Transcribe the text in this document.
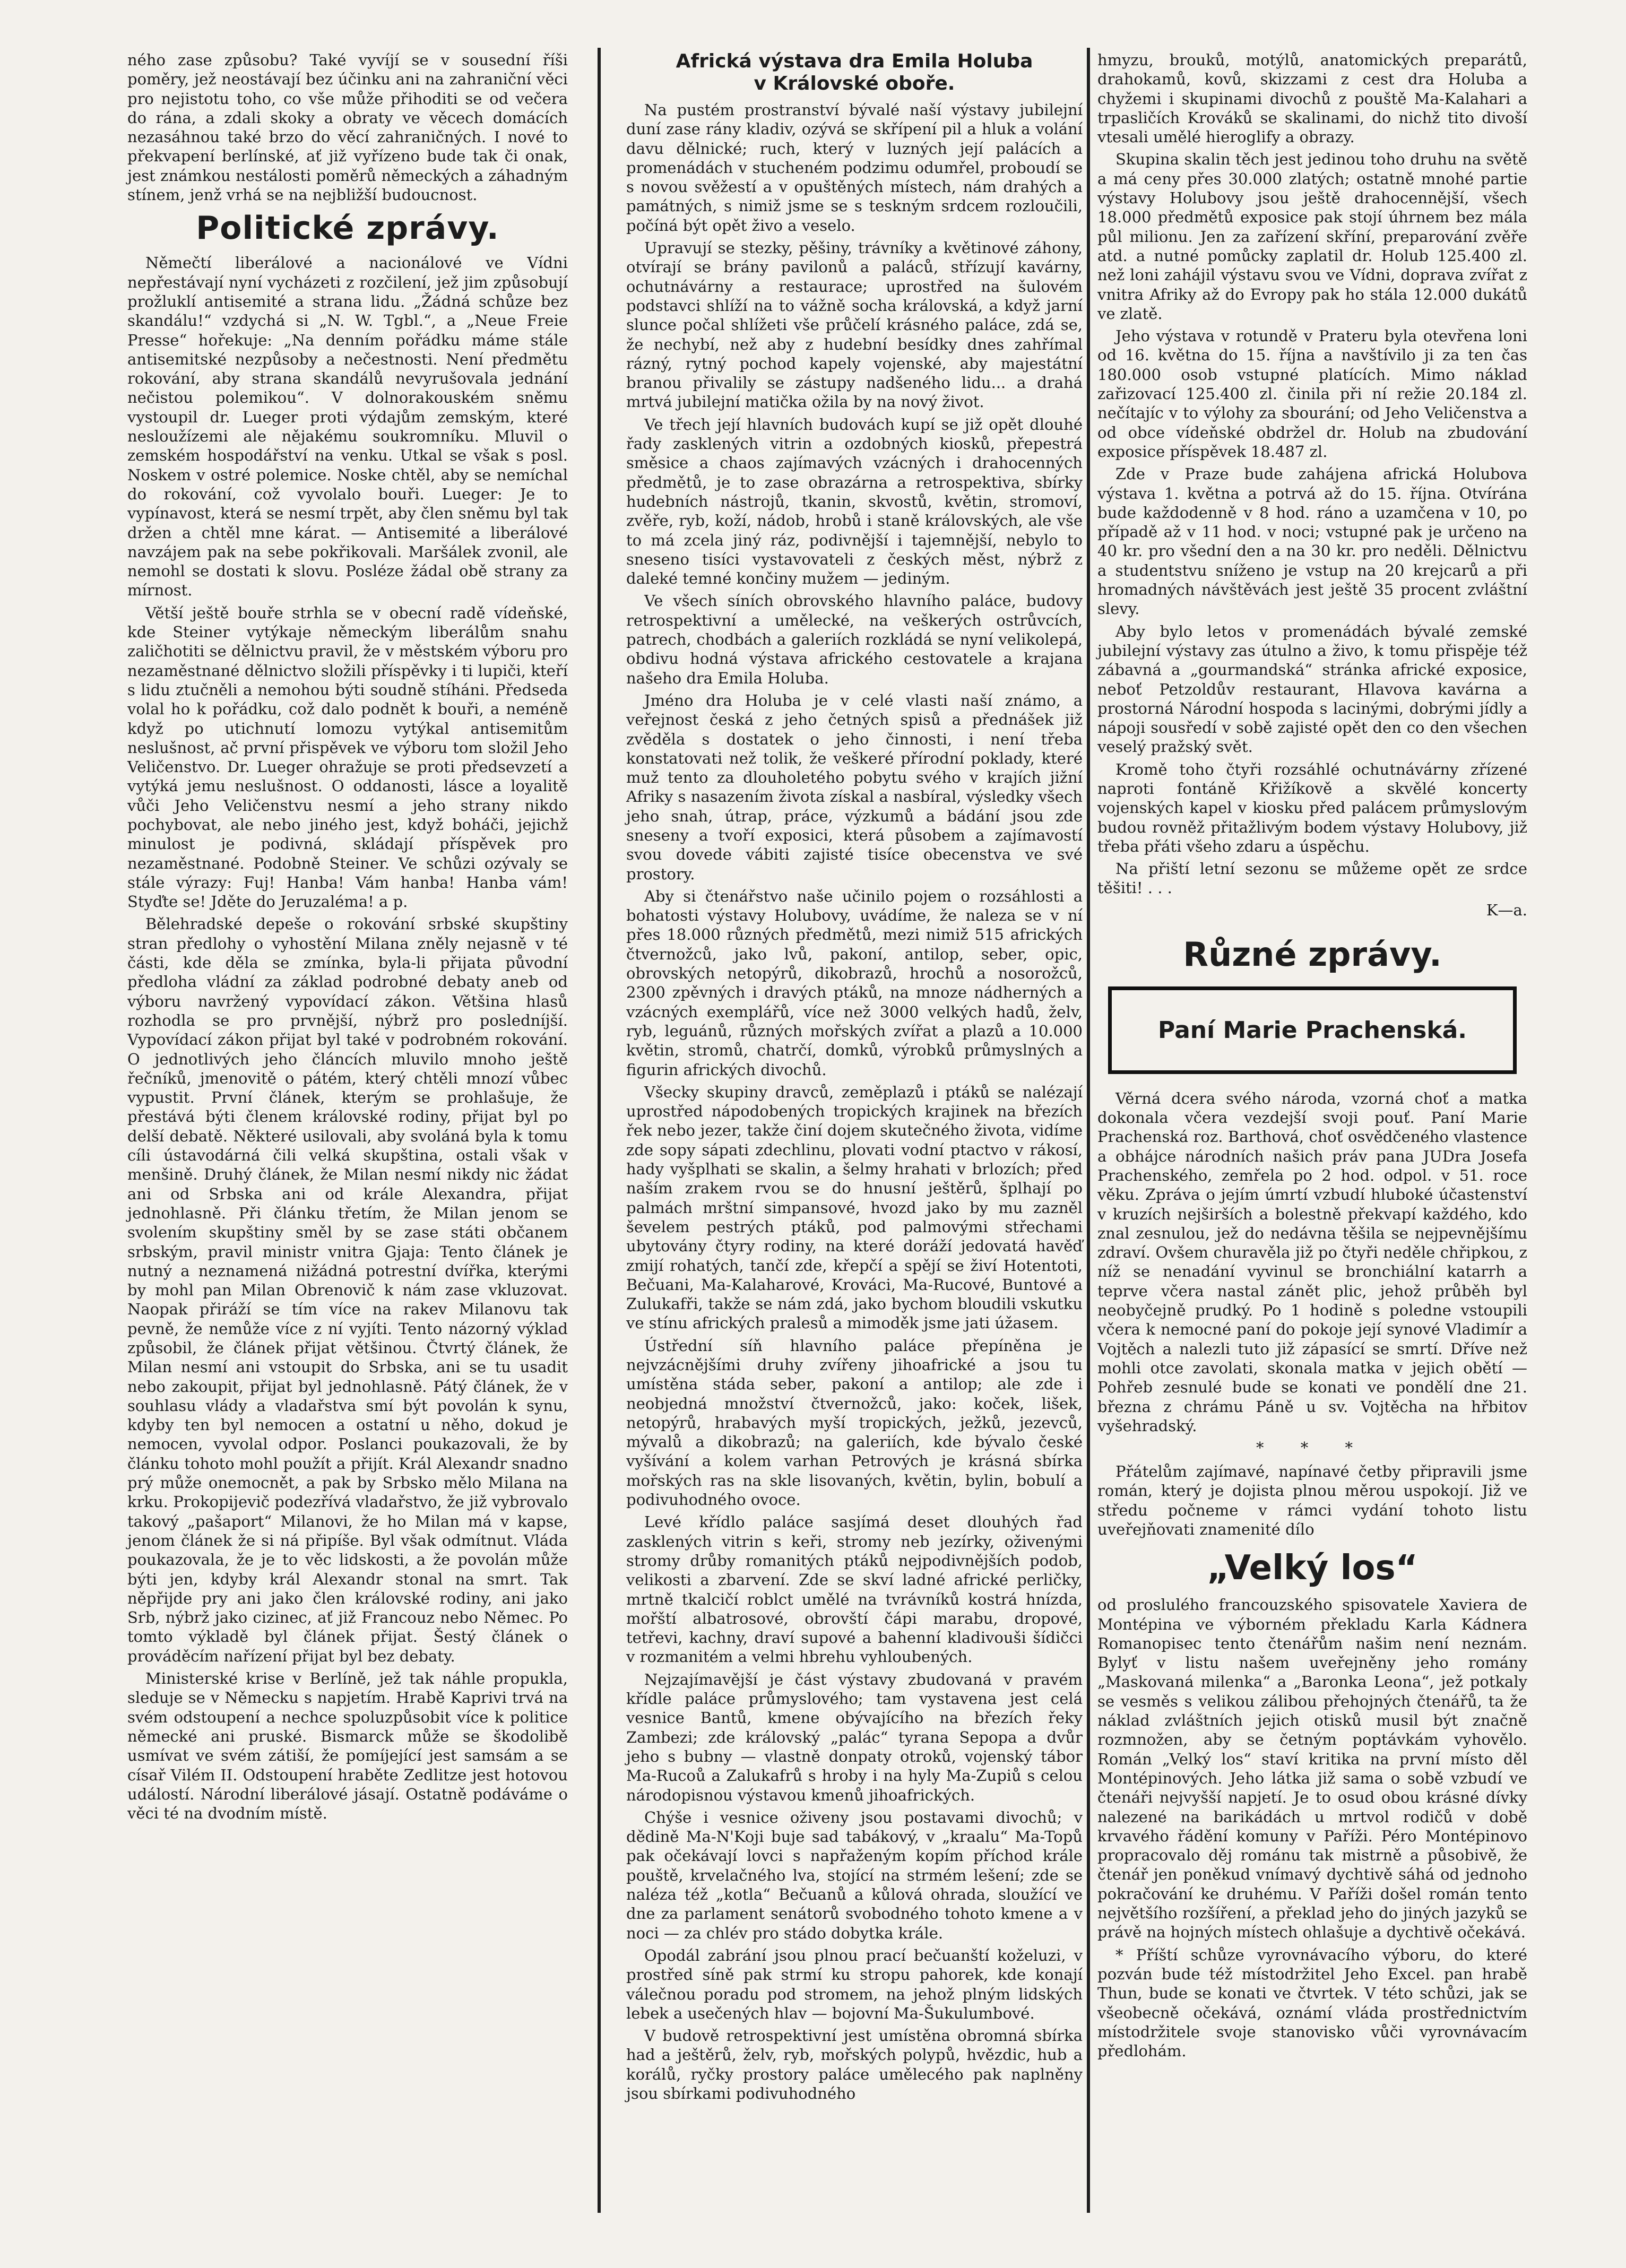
ného zase způsobu? Také vyvíjí se v sousední říši poměry, jež neostávají bez účinku ani na zahraniční věci pro nejistotu toho, co vše může přihoditi se od večera do rána, a zdali skoky a obraty ve věcech domácích nezasáhnou také brzo do věcí zahraničných. I nové to překvapení berlínské, ať již vyřízeno bude tak či onak, jest známkou nestálosti poměrů německých a záhadným stínem, jenž vrhá se na nejbližší budoucnost.

Politické zprávy.

Němečtí liberálové a nacionálové ve Vídni nepřestávají nyní vycházeti z rozčilení, jež jim způsobují prožluklí antisemité a strana lidu. „Žádná schůze bez skandálu!“ vzdychá si „N. W. Tgbl.“, a „Neue Freie Presse“ hořekuje: „Na denním pořádku máme stále antisemitské nezpůsoby a nečestnosti. Není předmětu rokování, aby strana skandálů nevyrušovala jednání nečistou polemikou“. V dolnorakouském sněmu vystoupil dr. Lueger proti výdajům zemským, které nesloužízemi ale nějakému soukromníku. Mluvil o zemském hospodářství na venku. Utkal se však s posl. Noskem v ostré polemice. Noske chtěl, aby se nemíchal do rokování, což vyvolalo bouři. Lueger: Je to vypínavost, která se nesmí trpět, aby člen sněmu byl tak držen a chtěl mne kárat. — Antisemité a liberálové navzájem pak na sebe pokřikovali. Maršálek zvonil, ale nemohl se dostati k slovu. Posléze žádal obě strany za mírnost.

Větší ještě bouře strhla se v obecní radě vídeňské, kde Steiner vytýkaje německým liberálům snahu zaličhotiti se dělnictvu pravil, že v městském výboru pro nezaměstnané dělnictvo složili příspěvky i ti lupiči, kteří s lidu ztučněli a nemohou býti soudně stíháni. Předseda volal ho k pořádku, což dalo podnět k bouři, a neméně když po utichnutí lomozu vytýkal antisemitům neslušnost, ač první přispěvek ve výboru tom složil Jeho Veličenstvo. Dr. Lueger ohražuje se proti předsevzetí a vytýká jemu neslušnost. O oddanosti, lásce a loyalitě vůči Jeho Veličenstvu nesmí a jeho strany nikdo pochybovat, ale nebo jiného jest, když boháči, jejichž minulost je podivná, skládají příspěvek pro nezaměstnané. Podobně Steiner. Ve schůzi ozývaly se stále výrazy: Fuj! Hanba! Vám hanba! Hanba vám! Styďte se! Jděte do Jeruzaléma! a p.

Bělehradské depeše o rokování srbské skupštiny stran předlohy o vyhostění Milana zněly nejasně v té části, kde děla se zmínka, byla-li přijata původní předloha vládní za základ podrobné debaty aneb od výboru navržený vypovídací zákon. Většina hlasů rozhodla se pro prvnější, nýbrž pro posledníjší. Vypovídací zákon přijat byl také v podrobném rokování. O jednotlivých jeho článcích mluvilo mnoho ještě řečníků, jmenovitě o pátém, který chtěli mnozí vůbec vypustit. První článek, kterým se prohlašuje, že přestává býti členem královské rodiny, přijat byl po delší debatě. Některé usilovali, aby svoláná byla k tomu cíli ústavodárná čili velká skupština, ostali však v menšině. Druhý článek, že Milan nesmí nikdy nic žádat ani od Srbska ani od krále Alexandra, přijat jednohlasně. Při článku třetím, že Milan jenom se svolením skupštiny směl by se zase státi občanem srbským, pravil ministr vnitra Gjaja: Tento článek je nutný a neznamená nižádná potrestní dvířka, kterými by mohl pan Milan Obrenovič k nám zase vkluzovat. Naopak přiráží se tím více na rakev Milanovu tak pevně, že nemůže více z ní vyjíti. Tento názorný výklad způsobil, že článek přijat většinou. Čtvrtý článek, že Milan nesmí ani vstoupit do Srbska, ani se tu usadit nebo zakoupit, přijat byl jednohlasně. Pátý článek, že v souhlasu vlády a vladařstva smí být povolán k synu, kdyby ten byl nemocen a ostatní u něho, dokud je nemocen, vyvolal odpor. Poslanci poukazovali, že by článku tohoto mohl použít a přijít. Král Alexandr snadno prý může onemocnět, a pak by Srbsko mělo Milana na krku. Prokopijevič podezřívá vladařstvo, že již vybrovalo takový „pašaport“ Milanovi, že ho Milan má v kapse, jenom článek že si ná připíše. Byl však odmítnut. Vláda poukazovala, že je to věc lidskosti, a že povolán může býti jen, kdyby král Alexandr stonal na smrt. Tak něpřijde pry ani jako člen královské rodiny, ani jako Srb, nýbrž jako cizinec, ať již Francouz nebo Němec. Po tomto výkladě byl článek přijat. Šestý článek o prováděcím nařízení přijat byl bez debaty.

Ministerské krise v Berlíně, jež tak náhle propukla, sleduje se v Německu s napjetím. Hrabě Kaprivi trvá na svém odstoupení a nechce spoluzpůsobit více k politice německé ani pruské. Bismarck může se škodolibě usmívat ve svém zátiší, že pomíjející jest samsám a se císař Vilém II. Odstoupení hraběte Zedlitze jest hotovou událostí. Národní liberálové jásají. Ostatně podáváme o věci té na dvodním místě.

Africká výstava dra Emila Holuba
v Královské oboře.

Na pustém prostranství bývalé naší výstavy jubilejní duní zase rány kladiv, ozývá se skřípení pil a hluk a volání davu dělnické; ruch, který v luzných její palácích a promenádách v stucheném podzimu odumřel, proboudí se s novou svěžestí a v opuštěných místech, nám drahých a památných, s nimiž jsme se s teskným srdcem rozloučili, počíná být opět živo a veselo.

Upravují se stezky, pěšiny, trávníky a květinové záhony, otvírají se brány pavilonů a paláců, střízují kavárny, ochutnávárny a restaurace; uprostřed na šulovém podstavci shlíží na to vážně socha královská, a když jarní slunce počal shlížeti vše průčelí krásného paláce, zdá se, že nechybí, než aby z hudební besídky dnes zahřímal rázný, rytný pochod kapely vojenské, aby majestátní branou přivalily se zástupy nadšeného lidu... a drahá mrtvá jubilejní matička ožila by na nový život.

Ve třech její hlavních budovách kupí se již opět dlouhé řady zasklených vitrin a ozdobných kiosků, přepestrá směsice a chaos zajímavých vzácných i drahocenných předmětů, je to zase obrazárna a retrospektiva, sbírky hudebních nástrojů, tkanin, skvostů, květin, stromoví, zvěře, ryb, koží, nádob, hrobů i staně královských, ale vše to má zcela jiný ráz, podivnější i tajemnější, nebylo to sneseno tisíci vystavovateli z českých měst, nýbrž z daleké temné končiny mužem — jediným.

Ve všech síních obrovského hlavního paláce, budovy retrospektivní a umělecké, na veškerých ostrůvcích, patrech, chodbách a galeriích rozkládá se nyní velikolepá, obdivu hodná výstava afrického cestovatele a krajana našeho dra Emila Holuba.

Jméno dra Holuba je v celé vlasti naší známo, a veřejnost česká z jeho četných spisů a přednášek již zvěděla s dostatek o jeho činnosti, i není třeba konstatovati než tolik, že veškeré přírodní poklady, které muž tento za dlouholetého pobytu svého v krajích jižní Afriky s nasazením života získal a nasbíral, výsledky všech jeho snah, útrap, práce, výzkumů a bádání jsou zde sneseny a tvoří exposici, která působem a zajímavostí svou dovede vábiti zajisté tisíce obecenstva ve své prostory.

Aby si čtenářstvo naše učinilo pojem o rozsáhlosti a bohatosti výstavy Holubovy, uvádíme, že naleza se v ní přes 18.000 různých předmětů, mezi nimiž 515 afrických čtvernožců, jako lvů, pakoní, antilop, seber, opic, obrovských netopýrů, dikobrazů, hrochů a nosorožců, 2300 zpěvných i dravých ptáků, na mnoze nádherných a vzácných exemplářů, více než 3000 velkých hadů, želv, ryb, leguánů, různých mořských zvířat a plazů a 10.000 květin, stromů, chatrčí, domků, výrobků průmyslných a figurin afrických divochů.

Všecky skupiny dravců, zeměplazů i ptáků se nalézají uprostřed nápodobených tropických krajinek na březích řek nebo jezer, takže činí dojem skutečného života, vidíme zde sopy sápati zdechlinu, plovati vodní ptactvo v rákosí, hady vyšplhati se skalin, a šelmy hrahati v brlozích; před naším zrakem rvou se do hnusní ještěrů, šplhají po palmách mrštní simpansové, hvozd jako by mu zazněl ševelem pestrých ptáků, pod palmovými střechami ubytovány čtyry rodiny, na které doráží jedovatá havěď zmijí rohatých, tančí zde, křepčí a spějí se živí Hotentoti, Bečuani, Ma-Kalaharové, Krováci, Ma-Rucové, Buntové a Zulukafři, takže se nám zdá, jako bychom bloudili vskutku ve stínu afrických pralesů a mimoděk jsme jati úžasem.

Ústřední síň hlavního paláce přepíněna je nejvzácnějšími druhy zvířeny jihoafrické a jsou tu umístěna stáda seber, pakoní a antilop; ale zde i neobjedná množství čtvernožců, jako: koček, lišek, netopýrů, hrabavých myší tropických, ježků, jezevců, mývalů a dikobrazů; na galeriích, kde bývalo české vyšívání a kolem varhan Petrových je krásná sbírka mořských ras na skle lisovaných, květin, bylin, bobulí a podivuhodného ovoce.

Levé křídlo paláce sasjímá deset dlouhých řad zasklených vitrin s keři, stromy neb jezírky, oživenými stromy drůby romanitých ptáků nejpodivnějších podob, velikosti a zbarvení. Zde se skví ladné africké perličky, mrtně tkalcičí roblct umělé na tvrávníků kostrá hnízda, mořští albatrosové, obrovští čápi marabu, dropové, tetřevi, kachny, draví supové a bahenní kladivouši šídičci v rozmanitém a velmi hbrehu vyhloubených.

Nejzajímavější je část výstavy zbudovaná v pravém křídle paláce průmyslového; tam vystavena jest celá vesnice Bantů, kmene obývajícího na březích řeky Zambezi; zde královský „palác“ tyrana Sepopa a dvůr jeho s bubny — vlastně donpaty otroků, vojenský tábor Ma-Rucoů a Zalukafrů s hroby i na hyly Ma-Zupiů s celou národopisnou výstavou kmenů jihoafrických.

Chýše i vesnice oživeny jsou postavami divochů; v dědině Ma-N'Koji buje sad tabákový, v „kraalu“ Ma-Topů pak očekávají lovci s napřaženým kopím příchod krále pouště, krvelačného lva, stojící na strmém lešení; zde se naléza též „kotla“ Bečuanů a kůlová ohrada, sloužící ve dne za parlament senátorů svobodného tohoto kmene a v noci — za chlév pro stádo dobytka krále.

Opodál zabrání jsou plnou prací bečuanští koželuzi, v prostřed síně pak strmí ku stropu pahorek, kde konají válečnou poradu pod stromem, na jehož plným lidských lebek a usečených hlav — bojovní Ma-Šukulumbové.

V budově retrospektivní jest umístěna obromná sbírka had a ještěrů, želv, ryb, mořských polypů, hvězdic, hub a korálů, ryčky prostory paláce umělecého pak naplněny jsou sbírkami podivuhodného

hmyzu, brouků, motýlů, anatomických preparátů, drahokamů, kovů, skizzami z cest dra Holuba a chyžemi i skupinami divochů z pouště Ma-Kalahari a trpasličích Krováků se skalinami, do nichž tito divoší vtesali umělé hieroglify a obrazy.

Skupina skalin těch jest jedinou toho druhu na světě a má ceny přes 30.000 zlatých; ostatně mnohé partie výstavy Holubovy jsou ještě drahocennější, všech 18.000 předmětů exposice pak stojí úhrnem bez mála půl milionu. Jen za zařízení skříní, preparování zvěře atd. a nutné pomůcky zaplatil dr. Holub 125.400 zl. než loni zahájil výstavu svou ve Vídni, doprava zvířat z vnitra Afriky až do Evropy pak ho stála 12.000 dukátů ve zlatě.

Jeho výstava v rotundě v Prateru byla otevřena loni od 16. května do 15. října a navštívilo ji za ten čas 180.000 osob vstupné platících. Mimo náklad zařizovací 125.400 zl. činila při ní režie 20.184 zl. nečítajíc v to výlohy za sbourání; od Jeho Veličenstva a od obce vídeňské obdržel dr. Holub na zbudování exposice příspěvek 18.487 zl.

Zde v Praze bude zahájena africká Holubova výstava 1. května a potrvá až do 15. října. Otvírána bude každodenně v 8 hod. ráno a uzamčena v 10, po případě až v 11 hod. v noci; vstupné pak je určeno na 40 kr. pro všední den a na 30 kr. pro neděli. Dělnictvu a studentstvu sníženo je vstup na 20 krejcarů a při hromadných návštěvách jest ještě 35 procent zvláštní slevy.

Aby bylo letos v promenádách bývalé zemské jubilejní výstavy zas útulno a živo, k tomu přispěje též zábavná a „gourmandská“ stránka africké exposice, neboť Petzoldův restaurant, Hlavova kavárna a prostorná Národní hospoda s lacinými, dobrými jídly a nápoji sousředí v sobě zajisté opět den co den všechen veselý pražský svět.

Kromě toho čtyři rozsáhlé ochutnávárny zřízené naproti fontáně Křižíkově a skvělé koncerty vojenských kapel v kiosku před palácem průmyslovým budou rovněž přitažlivým bodem výstavy Holubovy, již třeba přáti všeho zdaru a úspěchu.

Na přiští letní sezonu se můžeme opět ze srdce těšiti! . . .

K—a.
Různé zprávy.
Paní Marie Prachenská.

Věrná dcera svého národa, vzorná choť a matka dokonala včera vezdejší svoji pouť. Paní Marie Prachenská roz. Barthová, choť osvědčeného vlastence a obhájce národních našich práv pana JUDra Josefa Prachenského, zemřela po 2 hod. odpol. v 51. roce věku. Zpráva o jejím úmrtí vzbudí hluboké účastenství v kruzích nejširších a bolestně překvapí každého, kdo znal zesnulou, jež do nedávna těšila se nejpevnějšímu zdraví. Ovšem churavěla již po čtyři neděle chřipkou, z níž se nenadání vyvinul se bronchiální katarrh a teprve včera nastal zánět plic, jehož průběh byl neobyčejně prudký. Po 1 hodině s poledne vstoupili včera k nemocné paní do pokoje její synové Vladimír a Vojtěch a nalezli tuto již zápasící se smrtí. Dříve než mohli otce zavolati, skonala matka v jejich obětí — Pohřeb zesnulé bude se konati ve pondělí dne 21. března z chrámu Páně u sv. Vojtěcha na hřbitov vyšehradský.

* * *

Přátelům zajímavé, napínavé četby připravili jsme román, který je dojista plnou měrou uspokojí. Již ve středu počneme v rámci vydání tohoto listu uveřejňovati znamenité dílo

„Velký los“

od proslulého francouzského spisovatele Xaviera de Montépina ve výborném překladu Karla Kádnera Romanopisec tento čtenářům našim není neznám. Bylyť v listu našem uveřejněny jeho romány „Maskovaná milenka“ a „Baronka Leona“, jež potkaly se vesměs s velikou zálibou přehojných čtenářů, ta že náklad zvláštních jejich otisků musil být značně rozmnožen, aby se četným poptávkám vyhovělo. Román „Velký los“ staví kritika na první místo děl Montépinových. Jeho látka již sama o sobě vzbudí ve čtenáři nejvyšší napjetí. Je to osud obou krásné dívky nalezené na barikádách u mrtvol rodičů v době krvavého řádění komuny v Paříži. Péro Montépinovo propracovalo děj románu tak mistrně a působivě, že čtenář jen poněkud vnímavý dychtivě sáhá od jednoho pokračování ke druhému. V Paříži došel román tento největšího rozšíření, a překlad jeho do jiných jazyků se právě na hojných místech ohlašuje a dychtivě očekává.

* Příští schůze vyrovnávacího výboru, do které pozván bude též místodržitel Jeho Excel. pan hrabě Thun, bude se konati ve čtvrtek. V této schůzi, jak se všeobecně očekává, oznámí vláda prostřednictvím místodržitele svoje stanovisko vůči vyrovnávacím předlohám.
